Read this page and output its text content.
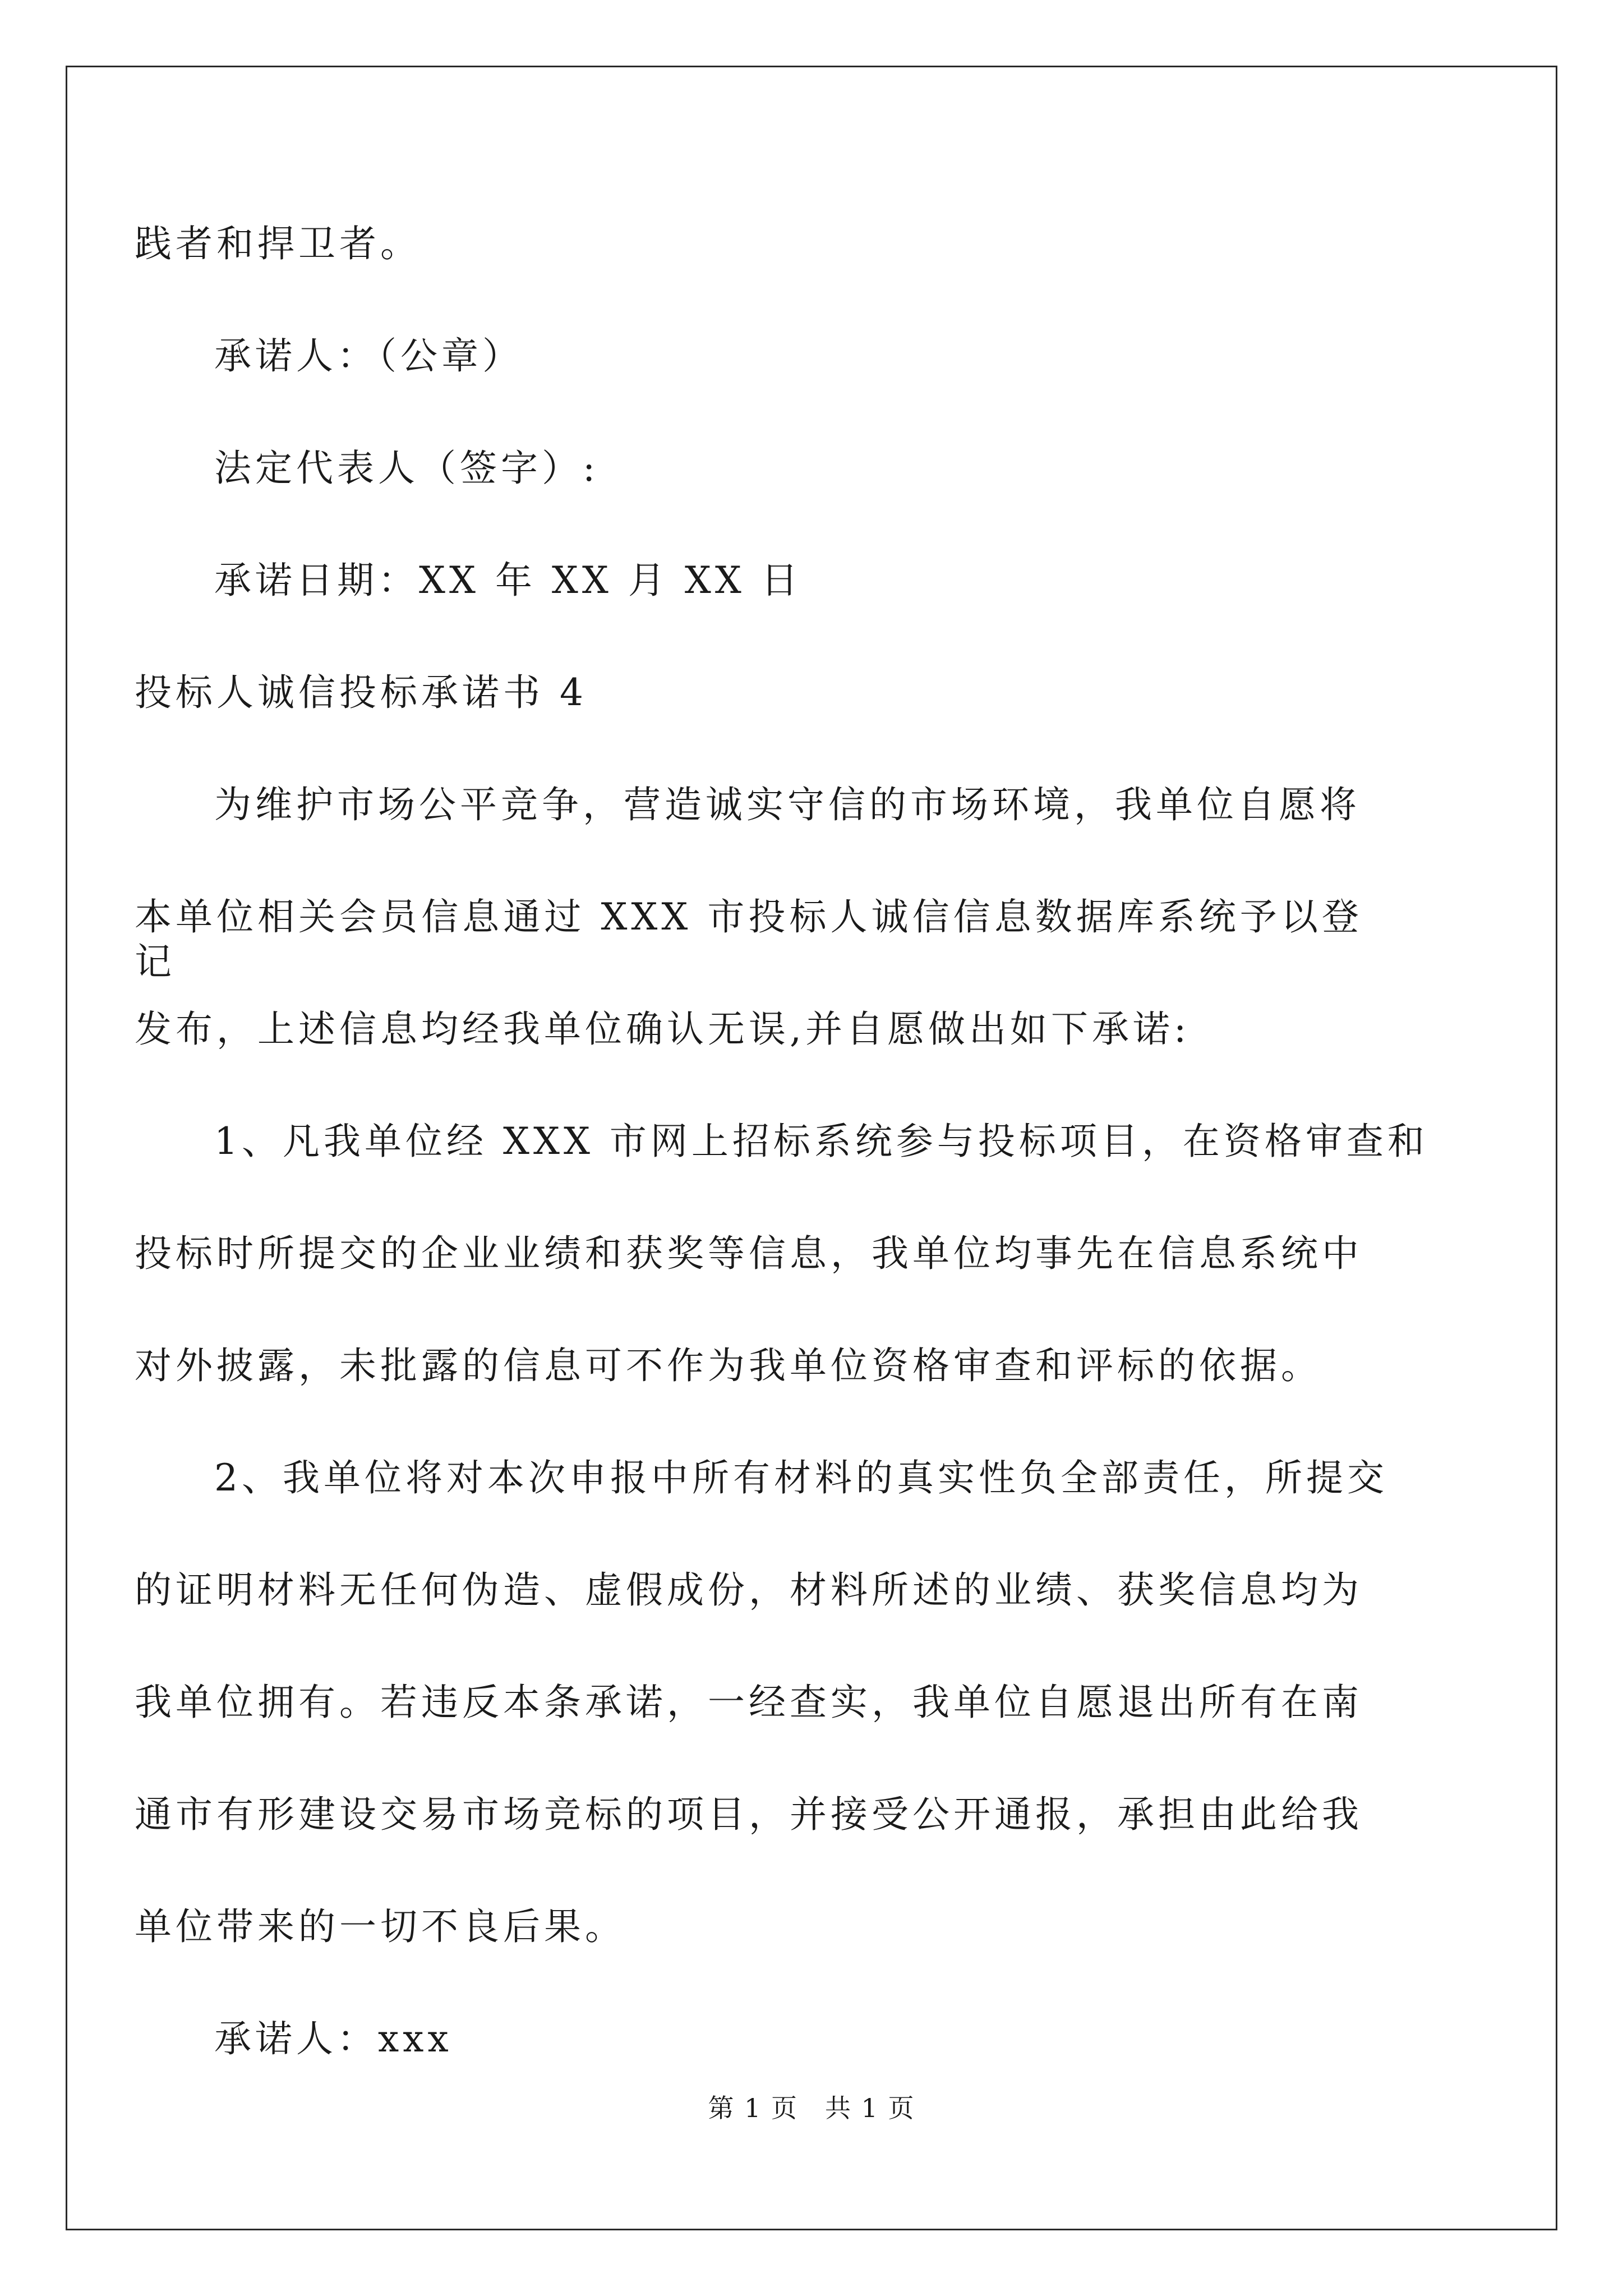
践者和捍卫者。

承诺人：（公章）

法定代表人（签字）:

承诺日期：XX 年 XX 月 XX 日

投标人诚信投标承诺书 4

为维护市场公平竞争，营造诚实守信的市场环境，我单位自愿将

本单位相关会员信息通过 XXX 市投标人诚信信息数据库系统予以登记

发布，上述信息均经我单位确认无误,并自愿做出如下承诺:

1、凡我单位经 XXX 市网上招标系统参与投标项目，在资格审查和

投标时所提交的企业业绩和获奖等信息，我单位均事先在信息系统中

对外披露，未批露的信息可不作为我单位资格审查和评标的依据。

2、我单位将对本次申报中所有材料的真实性负全部责任，所提交

的证明材料无任何伪造、虚假成份，材料所述的业绩、获奖信息均为

我单位拥有。若违反本条承诺，一经查实，我单位自愿退出所有在南

通市有形建设交易市场竞标的项目，并接受公开通报，承担由此给我

单位带来的一切不良后果。

承诺人：xxx

第 1 页　共 1 页
